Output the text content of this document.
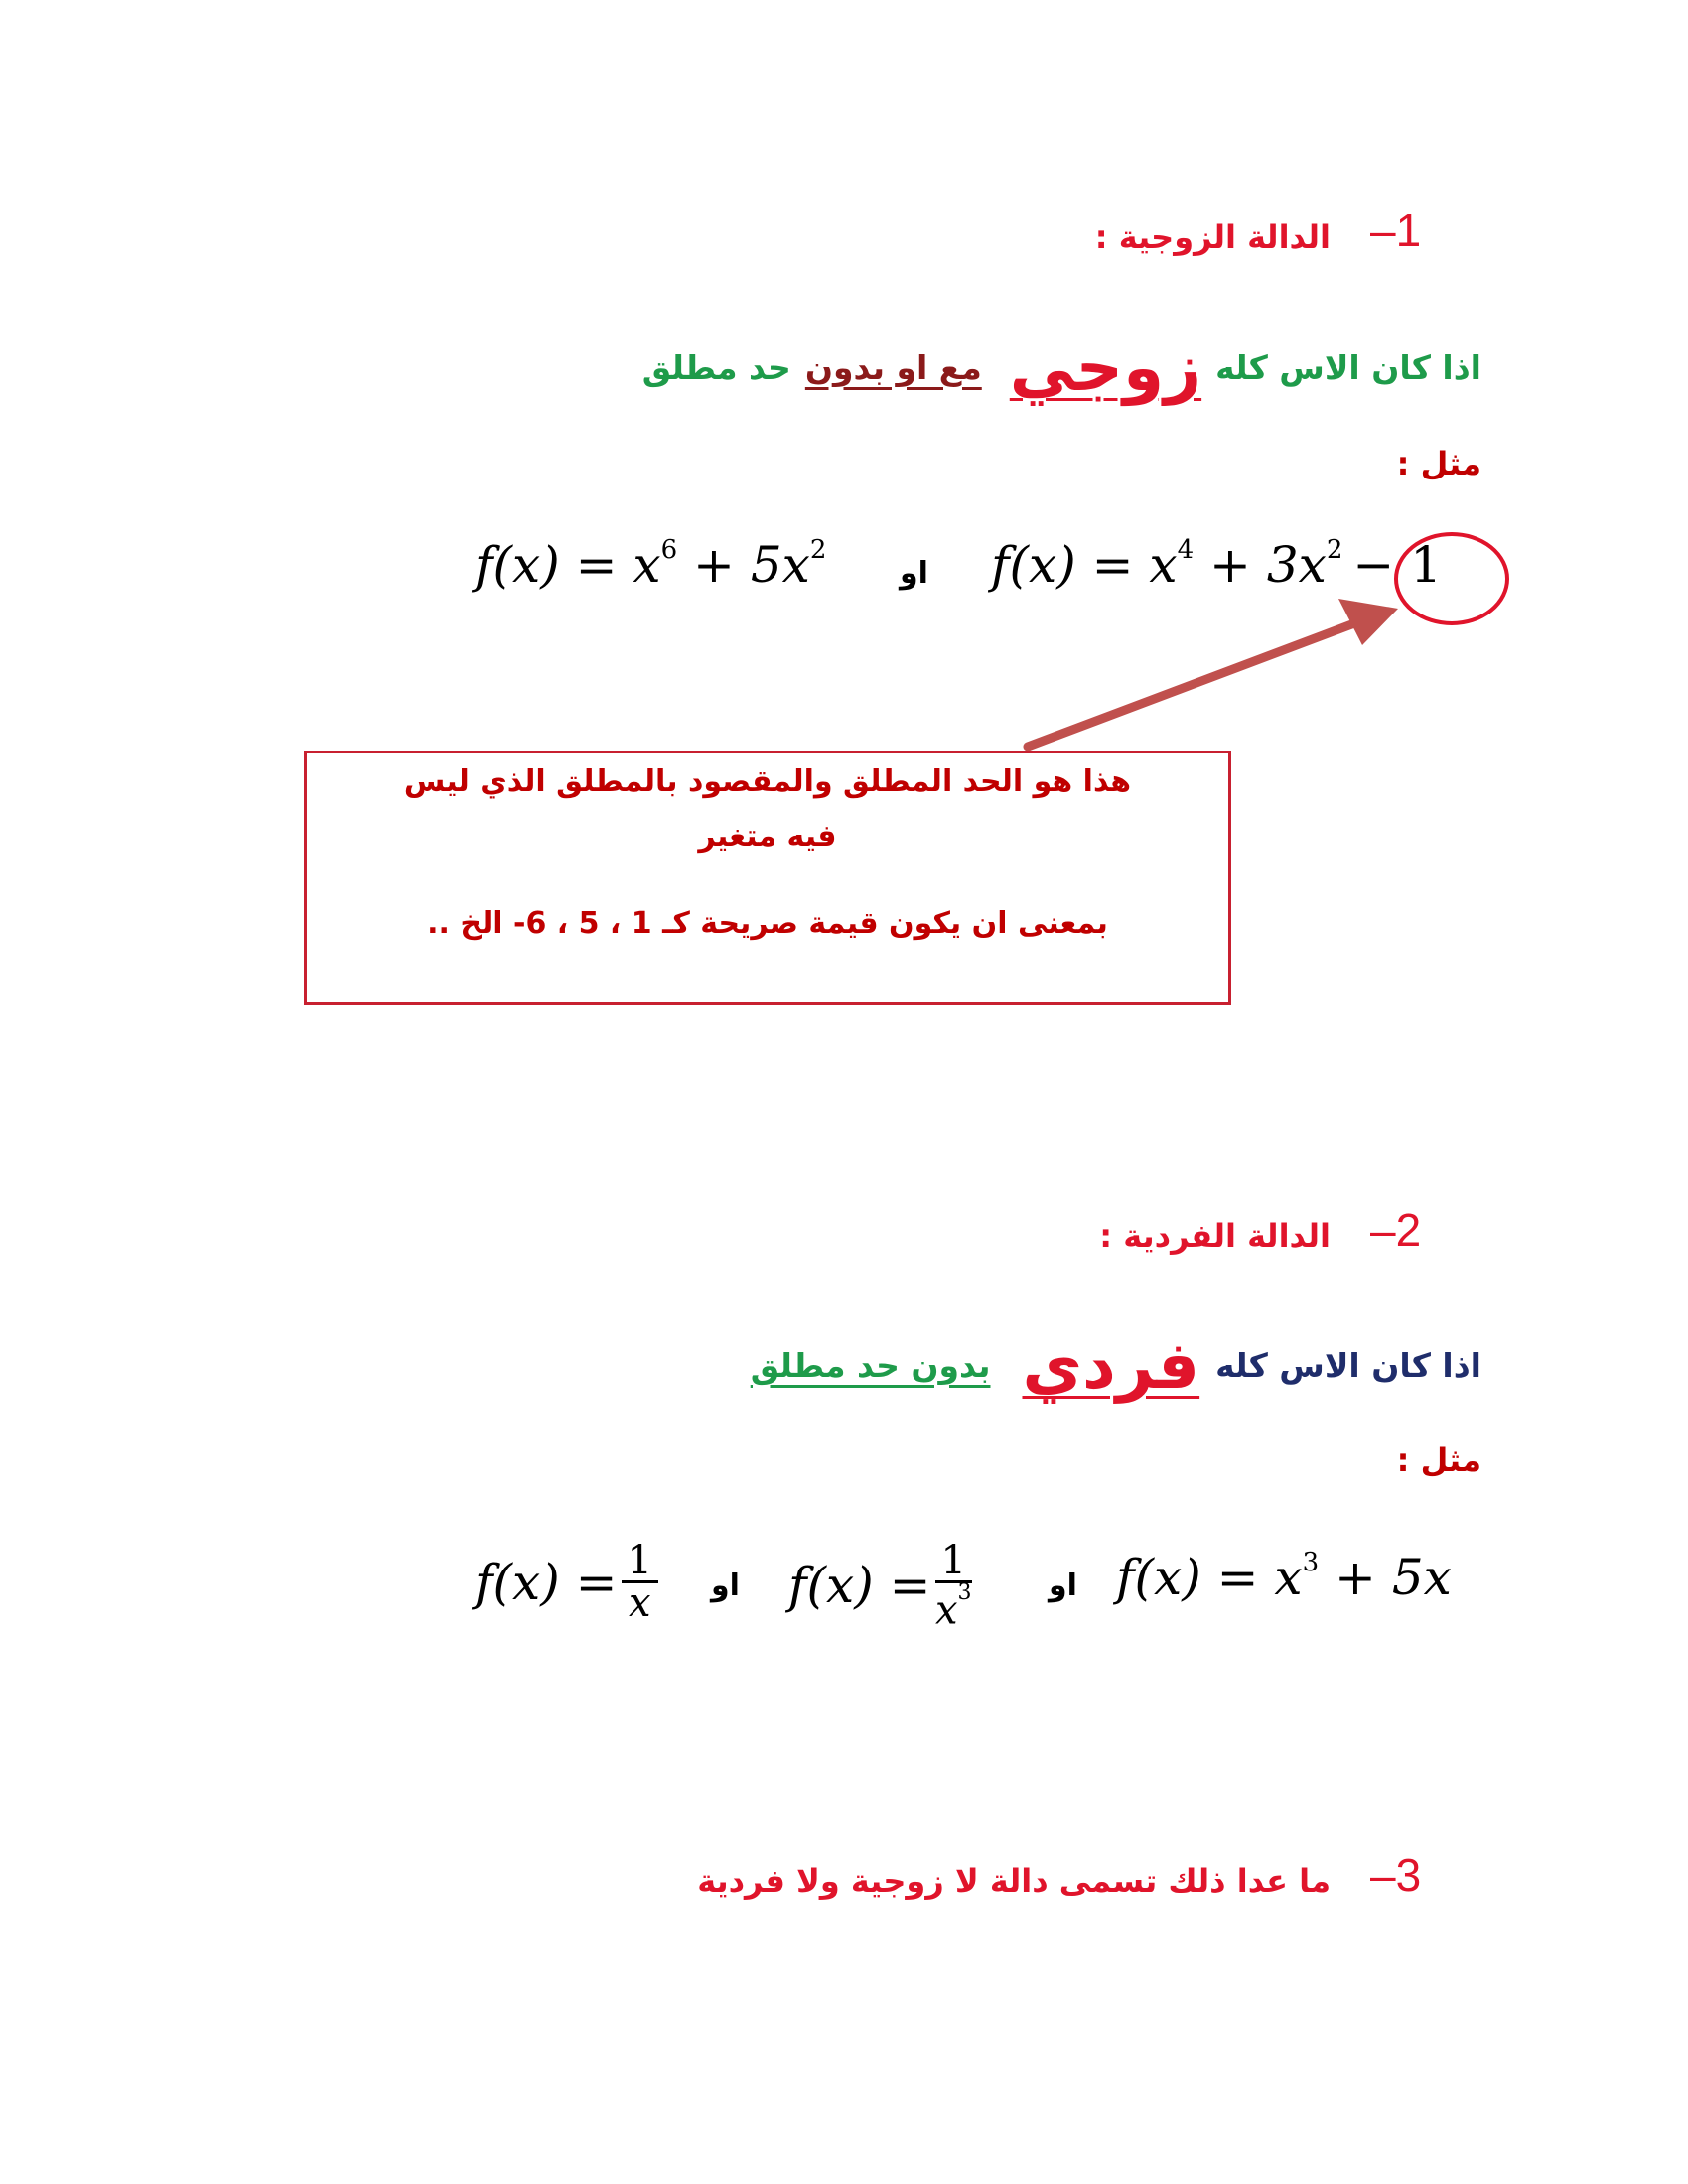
–1
الدالة الزوجية :
اذا كان الاس كله
زوجي
مع او بدون
حد مطلق
مثل :
$f(x) = x^6 + 5x^2$
او $f(x) = x^4 + 3x^2 - 1$
هذا هو الحد المطلق والمقصود بالمطلق الذي ليس
فيه متغير
بمعنى ان يكون قيمة صريحة كـ 1 ، 5 ، 6- الخ ..
–2
الدالة الفردية :
اذا كان الاس كله
فردي
بدون حد مطلق
مثل :
$f(x) = \frac{1}{x}$ او $f(x) = \frac{1}{x^3}$	او $f(x) = x^3 + 5x$
–3
ما عدا ذلك تسمى دالة لا زوجية ولا فردية
